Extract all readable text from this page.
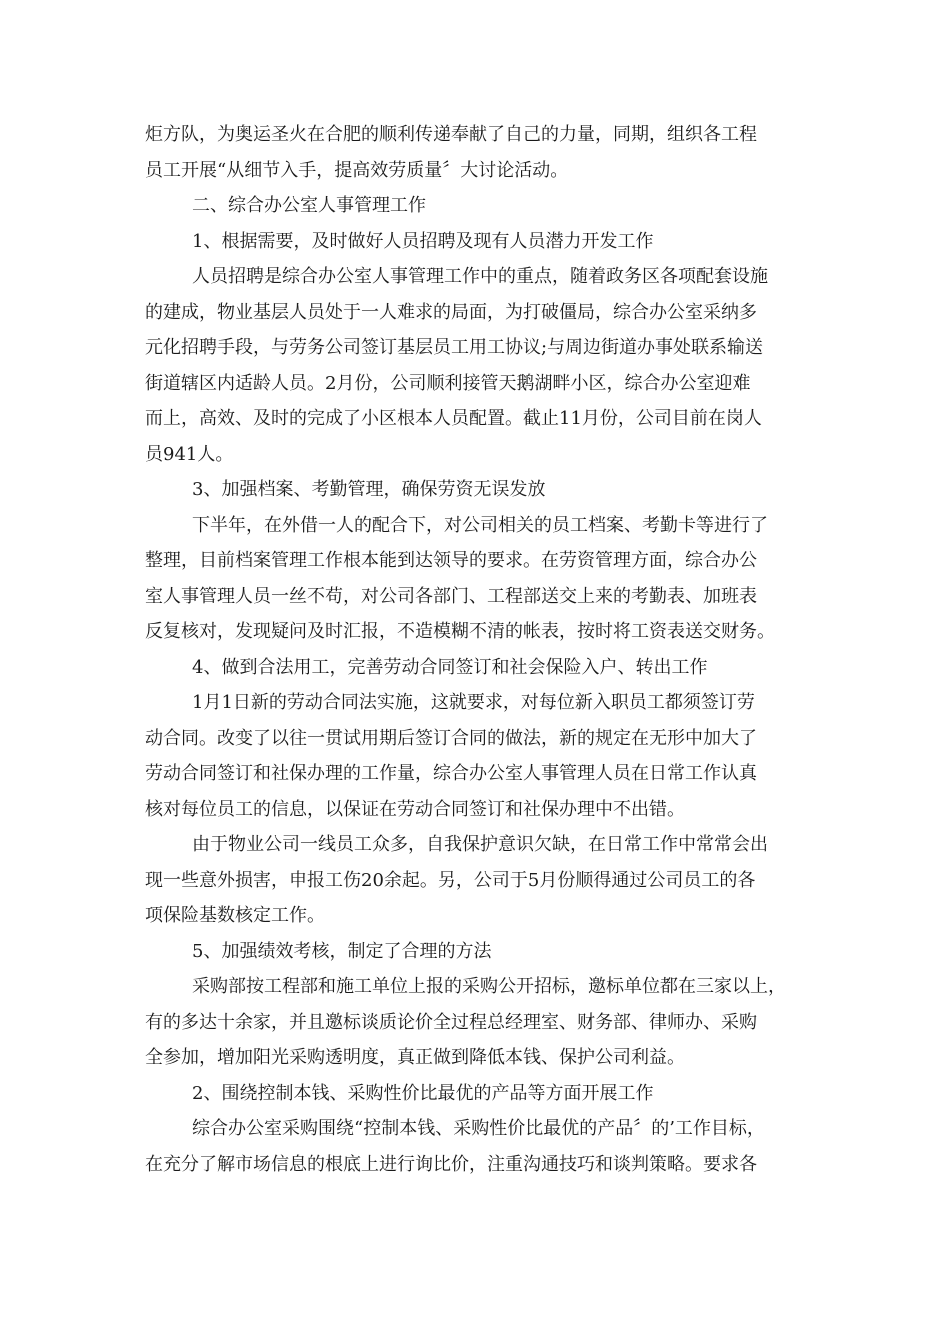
炬方队，为奥运圣火在合肥的顺利传递奉献了自己的力量，同期，组织各工程
员工开展“从细节入手，提高效劳质量〞大讨论活动。
二、综合办公室人事管理工作
1、根据需要，及时做好人员招聘及现有人员潜力开发工作
人员招聘是综合办公室人事管理工作中的重点，随着政务区各项配套设施
的建成，物业基层人员处于一人难求的局面，为打破僵局，综合办公室采纳多
元化招聘手段，与劳务公司签订基层员工用工协议;与周边街道办事处联系输送
街道辖区内适龄人员。2月份，公司顺利接管天鹅湖畔小区，综合办公室迎难
而上，高效、及时的完成了小区根本人员配置。截止11月份，公司目前在岗人
员941人。
3、加强档案、考勤管理，确保劳资无误发放
下半年，在外借一人的配合下，对公司相关的员工档案、考勤卡等进行了
整理，目前档案管理工作根本能到达领导的要求。在劳资管理方面，综合办公
室人事管理人员一丝不苟，对公司各部门、工程部送交上来的考勤表、加班表
反复核对，发现疑问及时汇报，不造模糊不清的帐表，按时将工资表送交财务。
4、做到合法用工，完善劳动合同签订和社会保险入户、转出工作
1月1日新的劳动合同法实施，这就要求，对每位新入职员工都须签订劳
动合同。改变了以往一贯试用期后签订合同的做法，新的规定在无形中加大了
劳动合同签订和社保办理的工作量，综合办公室人事管理人员在日常工作认真
核对每位员工的信息，以保证在劳动合同签订和社保办理中不出错。
由于物业公司一线员工众多，自我保护意识欠缺，在日常工作中常常会出
现一些意外损害，申报工伤20余起。另，公司于5月份顺得通过公司员工的各
项保险基数核定工作。
5、加强绩效考核，制定了合理的方法
采购部按工程部和施工单位上报的采购公开招标，邀标单位都在三家以上，
有的多达十余家，并且邀标谈质论价全过程总经理室、财务部、律师办、采购
全参加，增加阳光采购透明度，真正做到降低本钱、保护公司利益。
2、围绕控制本钱、采购性价比最优的产品等方面开展工作
综合办公室采购围绕“控制本钱、采购性价比最优的产品〞的’工作目标，
在充分了解市场信息的根底上进行询比价，注重沟通技巧和谈判策略。要求各
